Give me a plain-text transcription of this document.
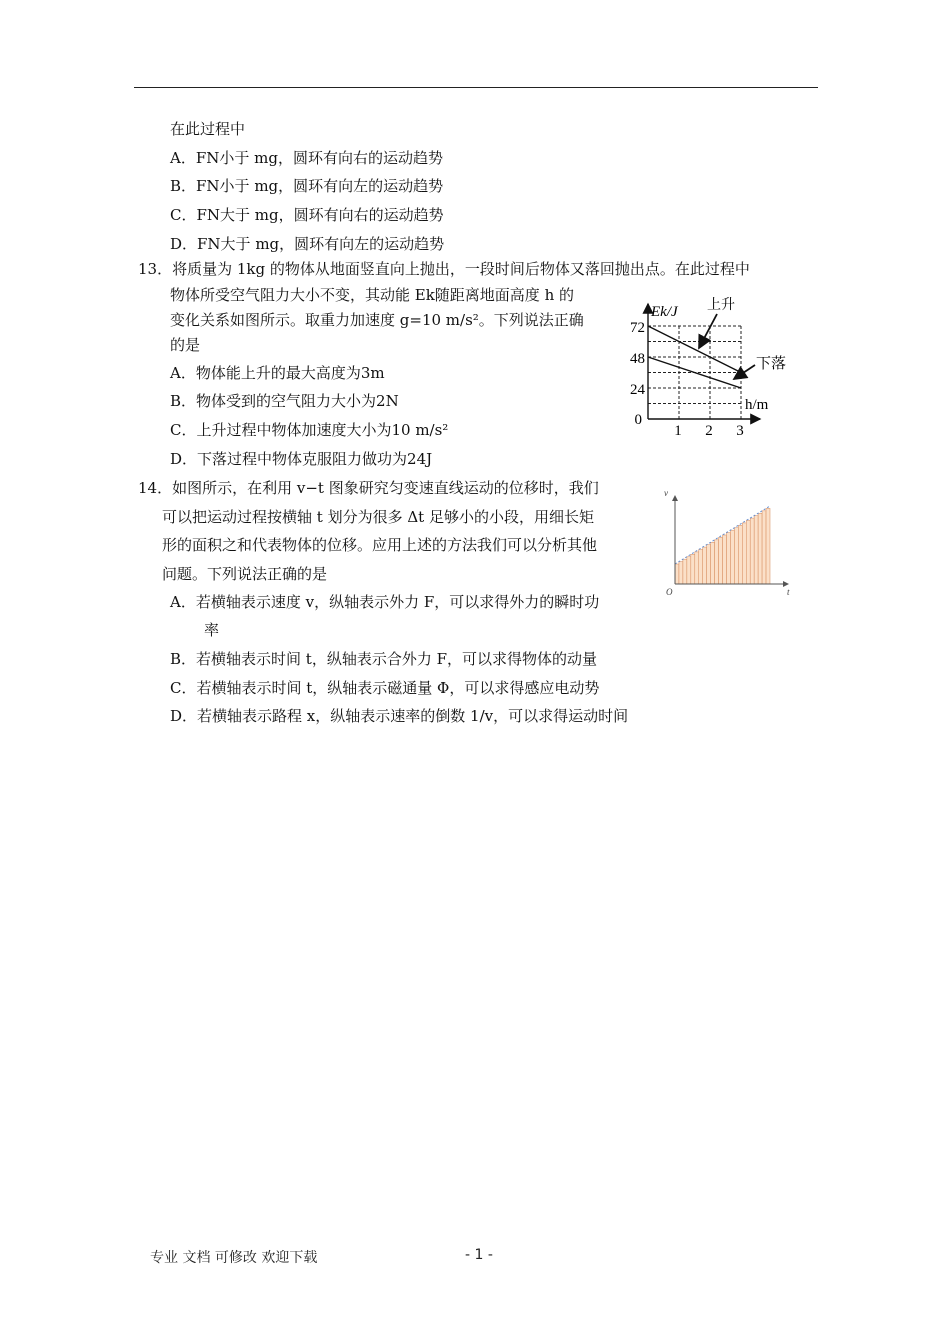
在此过程中
A．FN小于 mg，圆环有向右的运动趋势
B．FN小于 mg，圆环有向左的运动趋势
C．FN大于 mg，圆环有向右的运动趋势
D．FN大于 mg，圆环有向左的运动趋势
13．将质量为 1kg 的物体从地面竖直向上抛出，一段时间后物体又落回抛出点。在此过程中
物体所受空气阻力大小不变，其动能 Ek随距离地面高度 h 的
变化关系如图所示。取重力加速度 g=10 m/s²。下列说法正确
的是
A．物体能上升的最大高度为3m
B．物体受到的空气阻力大小为2N
C．上升过程中物体加速度大小为10 m/s²
D．下落过程中物体克服阻力做功为24J
Ek/J
h/m
72
48
24
0
1 2 3
上升
下落
14．如图所示，在利用 v−t 图象研究匀变速直线运动的位移时，我们
可以把运动过程按横轴 t 划分为很多 Δt 足够小的小段，用细长矩
形的面积之和代表物体的位移。应用上述的方法我们可以分析其他
问题。下列说法正确的是
A．若横轴表示速度 v，纵轴表示外力 F，可以求得外力的瞬时功
率
B．若横轴表示时间 t，纵轴表示合外力 F，可以求得物体的动量
C．若横轴表示时间 t，纵轴表示磁通量 Φ，可以求得感应电动势
D．若横轴表示路程 x，纵轴表示速率的倒数 1/v，可以求得运动时间
v
t
O
专业 文档 可修改 欢迎下载	- 1 -
